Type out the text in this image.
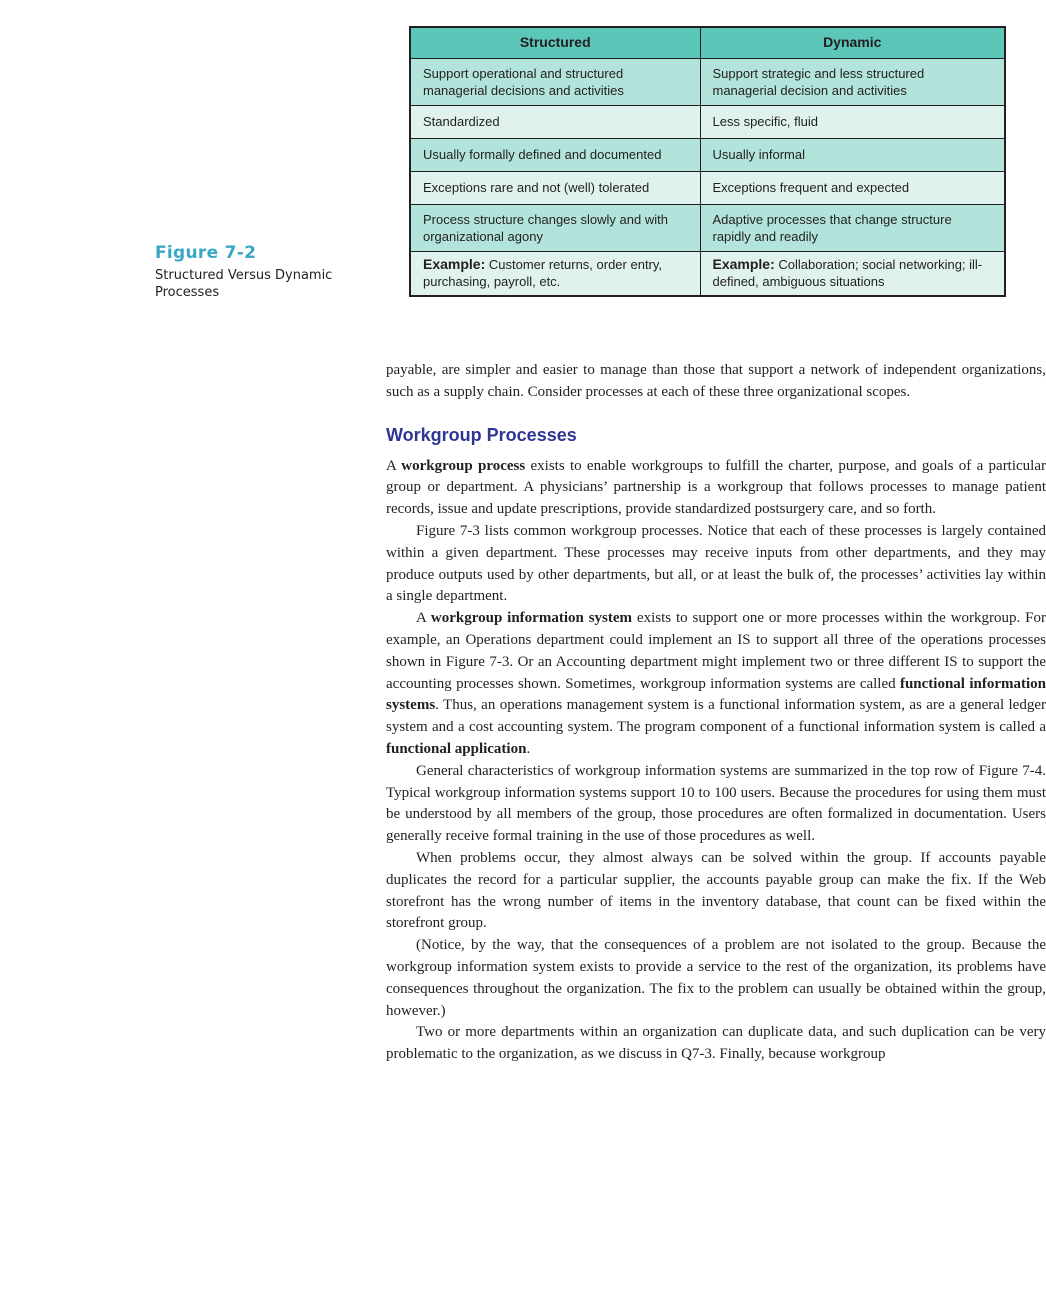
Figure 7-2
Structured Versus Dynamic Processes
Structured	Dynamic
Support operational and structured managerial decisions and activities	Support strategic and less structured managerial decision and activities
Standardized	Less specific, fluid
Usually formally defined and documented	Usually informal
Exceptions rare and not (well) tolerated	Exceptions frequent and expected
Process structure changes slowly and with organizational agony	Adaptive processes that change structure rapidly and readily
Example: Customer returns, order entry, purchasing, payroll, etc.	Example: Collaboration; social networking; ill-defined, ambiguous situations

payable, are simpler and easier to manage than those that support a network of independent organizations, such as a supply chain. Consider processes at each of these three organizational scopes.

Workgroup Processes

A workgroup process exists to enable workgroups to fulfill the charter, purpose, and goals of a particular group or department. A physicians’ partnership is a workgroup that follows processes to manage patient records, issue and update prescriptions, provide standardized postsurgery care, and so forth.

Figure 7-3 lists common workgroup processes. Notice that each of these processes is largely contained within a given department. These processes may receive inputs from other departments, and they may produce outputs used by other departments, but all, or at least the bulk of, the processes’ activities lay within a single department.

A workgroup information system exists to support one or more processes within the workgroup. For example, an Operations department could implement an IS to support all three of the operations processes shown in Figure 7-3. Or an Accounting department might implement two or three different IS to support the accounting processes shown. Sometimes, workgroup information systems are called functional information systems. Thus, an operations management system is a functional information system, as are a general ledger system and a cost accounting system. The program component of a functional information system is called a functional application.

General characteristics of workgroup information systems are summarized in the top row of Figure 7-4. Typical workgroup information systems support 10 to 100 users. Because the procedures for using them must be understood by all members of the group, those procedures are often formalized in documentation. Users generally receive formal training in the use of those procedures as well.

When problems occur, they almost always can be solved within the group. If accounts payable duplicates the record for a particular supplier, the accounts payable group can make the fix. If the Web storefront has the wrong number of items in the inventory database, that count can be fixed within the storefront group.

(Notice, by the way, that the consequences of a problem are not isolated to the group. Because the workgroup information system exists to provide a service to the rest of the organization, its problems have consequences throughout the organization. The fix to the problem can usually be obtained within the group, however.)

Two or more departments within an organization can duplicate data, and such duplication can be very problematic to the organization, as we discuss in Q7-3. Finally, because workgroup
